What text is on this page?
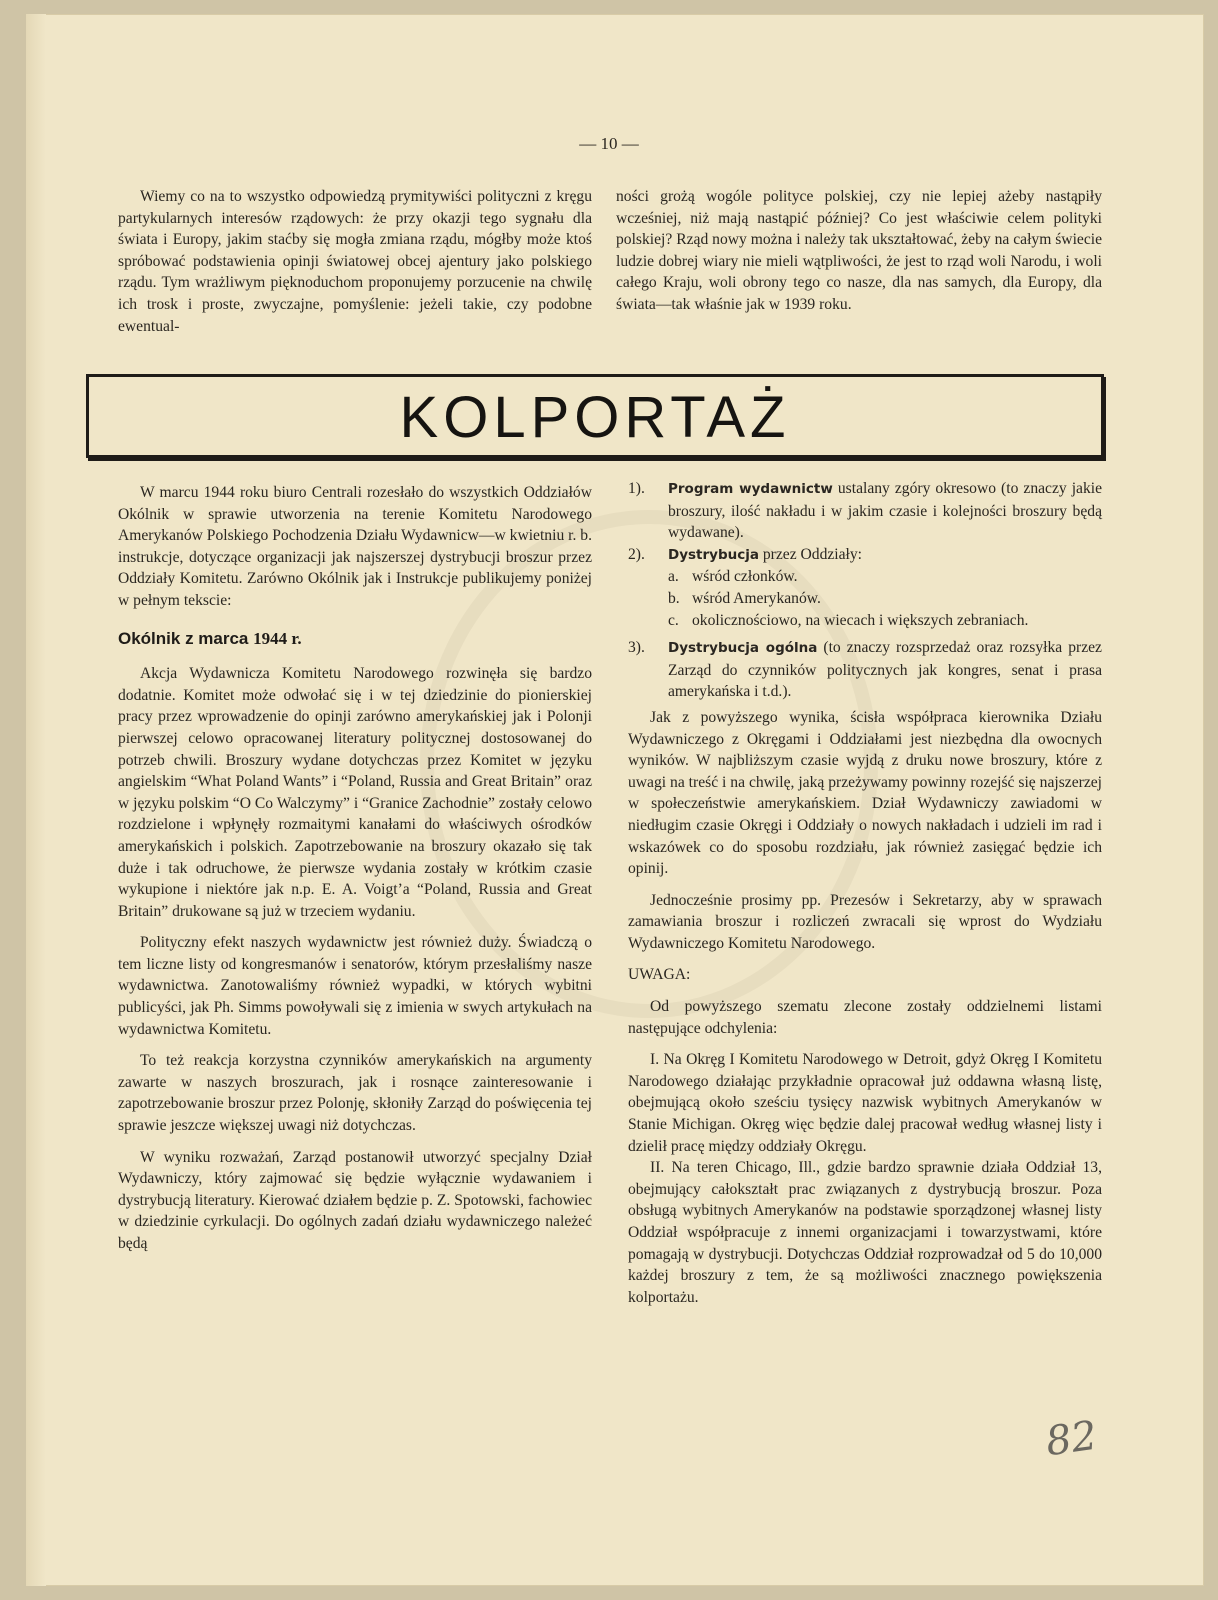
— 10 —

Wiemy co na to wszystko odpowiedzą prymitywiści polityczni z kręgu partykularnych interesów rządowych: że przy okazji tego sygnału dla świata i Europy, jakim staćby się mogła zmiana rządu, mógłby może ktoś spróbować podstawienia opinji światowej obcej ajentury jako polskiego rządu. Tym wrażliwym pięknoduchom proponujemy porzucenie na chwilę ich trosk i proste, zwyczajne, pomyślenie: jeżeli takie, czy podobne ewentual-

ności grożą wogóle polityce polskiej, czy nie lepiej ażeby nastąpiły wcześniej, niż mają nastąpić później? Co jest właściwie celem polityki polskiej? Rząd nowy można i należy tak ukształtować, żeby na całym świecie ludzie dobrej wiary nie mieli wątpliwości, że jest to rząd woli Narodu, i woli całego Kraju, woli obrony tego co nasze, dla nas samych, dla Europy, dla świata—tak właśnie jak w 1939 roku.

KOLPORTAŻ

W marcu 1944 roku biuro Centrali rozesłało do wszystkich Oddziałów Okólnik w sprawie utworzenia na terenie Komitetu Narodowego Amerykanów Polskiego Pochodzenia Działu Wydawnicw—w kwietniu r. b. instrukcje, dotyczące organizacji jak najszerszej dystrybucji broszur przez Oddziały Komitetu. Zarówno Okólnik jak i Instrukcje publikujemy poniżej w pełnym tekscie:

Okólnik z marca 1944 r.

Akcja Wydawnicza Komitetu Narodowego rozwinęła się bardzo dodatnie. Komitet może odwołać się i w tej dziedzinie do pionierskiej pracy przez wprowadzenie do opinji zarówno amerykańskiej jak i Polonji pierwszej celowo opracowanej literatury politycznej dostosowanej do potrzeb chwili. Broszury wydane dotychczas przez Komitet w języku angielskim “What Poland Wants” i “Poland, Russia and Great Britain” oraz w języku polskim “O Co Walczymy” i “Granice Zachodnie” zostały celowo rozdzielone i wpłynęły rozmaitymi kanałami do właściwych ośrodków amerykańskich i polskich. Zapotrzebowanie na broszury okazało się tak duże i tak odruchowe, że pierwsze wydania zostały w krótkim czasie wykupione i niektóre jak n.p. E. A. Voigt’a “Poland, Russia and Great Britain” drukowane są już w trzeciem wydaniu.

Polityczny efekt naszych wydawnictw jest również duży. Świadczą o tem liczne listy od kongresmanów i senatorów, którym przesłaliśmy nasze wydawnictwa. Zanotowaliśmy również wypadki, w których wybitni publicyści, jak Ph. Simms powoływali się z imienia w swych artykułach na wydawnictwa Komitetu.

To też reakcja korzystna czynników amerykańskich na argumenty zawarte w naszych broszurach, jak i rosnące zainteresowanie i zapotrzebowanie broszur przez Polonję, skłoniły Zarząd do poświęcenia tej sprawie jeszcze większej uwagi niż dotychczas.

W wyniku rozważań, Zarząd postanowił utworzyć specjalny Dział Wydawniczy, który zajmować się będzie wyłącznie wydawaniem i dystrybucją literatury. Kierować działem będzie p. Z. Spotowski, fachowiec w dziedzinie cyrkulacji. Do ogólnych zadań działu wydawniczego należeć będą

1).	Program wydawnictw ustalany zgóry okresowo (to znaczy jakie broszury, ilość nakładu i w jakim czasie i kolejności broszury będą wydawane).
2).	Dystrybucja przez Oddziały:
a. wśród członków.
b. wśród Amerykanów.
c. okolicznościowo, na wiecach i większych zebraniach.
3).	Dystrybucja ogólna (to znaczy rozsprzedaż oraz rozsyłka przez Zarząd do czynników politycznych jak kongres, senat i prasa amerykańska i t.d.).

Jak z powyższego wynika, ścisła współpraca kierownika Działu Wydawniczego z Okręgami i Oddziałami jest niezbędna dla owocnych wyników. W najbliższym czasie wyjdą z druku nowe broszury, które z uwagi na treść i na chwilę, jaką przeżywamy powinny rozejść się najszerzej w społeczeństwie amerykańskiem. Dział Wydawniczy zawiadomi w niedługim czasie Okręgi i Oddziały o nowych nakładach i udzieli im rad i wskazówek co do sposobu rozdziału, jak również zasięgać będzie ich opinij.

Jednocześnie prosimy pp. Prezesów i Sekretarzy, aby w sprawach zamawiania broszur i rozliczeń zwracali się wprost do Wydziału Wydawniczego Komitetu Narodowego.

UWAGA:

Od powyższego szematu zlecone zostały oddzielnemi listami następujące odchylenia:

I. Na Okręg I Komitetu Narodowego w Detroit, gdyż Okręg I Komitetu Narodowego działając przykładnie opracował już oddawna własną listę, obejmującą około sześciu tysięcy nazwisk wybitnych Amerykanów w Stanie Michigan. Okręg więc będzie dalej pracował według własnej listy i dzielił pracę między oddziały Okręgu.

II. Na teren Chicago, Ill., gdzie bardzo sprawnie działa Oddział 13, obejmujący całokształt prac związanych z dystrybucją broszur. Poza obsługą wybitnych Amerykanów na podstawie sporządzonej własnej listy Oddział współpracuje z innemi organizacjami i towarzystwami, które pomagają w dystrybucji. Dotychczas Oddział rozprowadzał od 5 do 10,000 każdej broszury z tem, że są możliwości znacznego powiększenia kolportażu.

82
